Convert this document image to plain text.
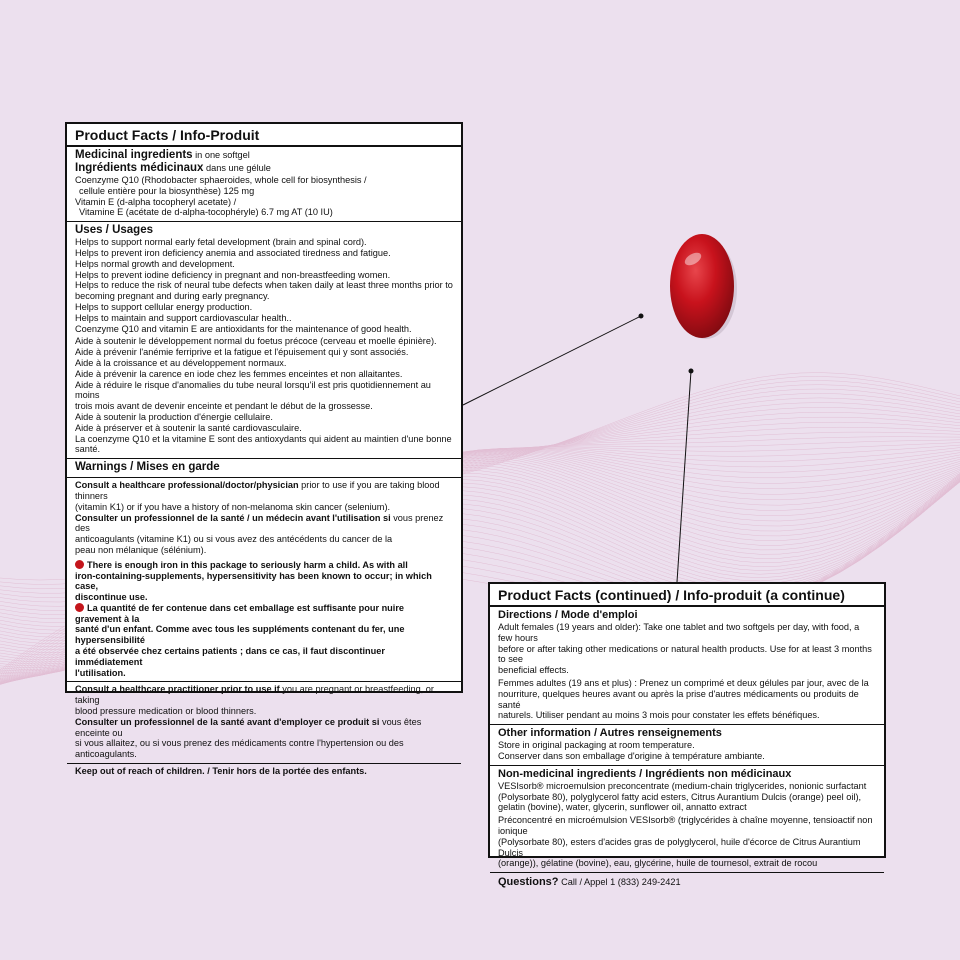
Product Facts / Info-Produit
Medicinal ingredients in one softgel
Ingrédients médicinaux dans une gélule
Coenzyme Q10 (Rhodobacter sphaeroides, whole cell for biosynthesis /
cellule entière pour la biosynthèse) 125 mg
Vitamin E (d-alpha tocopheryl acetate) /
Vitamine E (acétate de d-alpha-tocophéryle) 6.7 mg AT (10 IU)
Uses / Usages
Helps to support normal early fetal development (brain and spinal cord).
Helps to prevent iron deficiency anemia and associated tiredness and fatigue.
Helps normal growth and development.
Helps to prevent iodine deficiency in pregnant and non-breastfeeding women.
Helps to reduce the risk of neural tube defects when taken daily at least three months prior to
becoming pregnant and during early pregnancy.
Helps to support cellular energy production.
Helps to maintain and support cardiovascular health..
Coenzyme Q10 and vitamin E are antioxidants for the maintenance of good health.
Aide à soutenir le développement normal du foetus précoce (cerveau et moelle épinière).
Aide à prévenir l'anémie ferriprive et la fatigue et l'épuisement qui y sont associés.
Aide à la croissance et au développement normaux.
Aide à prévenir la carence en iode chez les femmes enceintes et non allaitantes.
Aide à réduire le risque d'anomalies du tube neural lorsqu'il est pris quotidiennement au moins
trois mois avant de devenir enceinte et pendant le début de la grossesse.
Aide à soutenir la production d'énergie cellulaire.
Aide à préserver et à soutenir la santé cardiovasculaire.
La coenzyme Q10 et la vitamine E sont des antioxydants qui aident au maintien d'une bonne santé.
Warnings / Mises en garde
Consult a healthcare professional/doctor/physician prior to use if you are taking blood thinners
(vitamin K1) or if you have a history of non-melanoma skin cancer (selenium).
Consulter un professionnel de la santé / un médecin avant l'utilisation si vous prenez des
anticoagulants (vitamine K1) ou si vous avez des antécédents du cancer de la
peau non mélanique (sélénium).
There is enough iron in this package to seriously harm a child. As with all
iron-containing-supplements, hypersensitivity has been known to occur; in which case,
discontinue use.
La quantité de fer contenue dans cet emballage est suffisante pour nuire gravement à la
santé d'un enfant. Comme avec tous les suppléments contenant du fer, une hypersensibilité
a été observée chez certains patients ; dans ce cas, il faut discontinuer immédiatement
l'utilisation.
Consult a healthcare practitioner prior to use if you are pregnant or breastfeeding, or taking
blood pressure medication or blood thinners.
Consulter un professionnel de la santé avant d'employer ce produit si vous êtes enceinte ou
si vous allaitez, ou si vous prenez des médicaments contre l'hypertension ou des anticoagulants.
Keep out of reach of children. / Tenir hors de la portée des enfants.
Product Facts (continued) / Info-produit (a continue)
Directions / Mode d'emploi
Adult females (19 years and older): Take one tablet and two softgels per day, with food, a few hours
before or after taking other medications or natural health products. Use for at least 3 months to see
beneficial effects.
Femmes adultes (19 ans et plus) : Prenez un comprimé et deux gélules par jour, avec de la
nourriture, quelques heures avant ou après la prise d'autres médicaments ou produits de santé
naturels. Utiliser pendant au moins 3 mois pour constater les effets bénéfiques.
Other information / Autres renseignements
Store in original packaging at room temperature.
Conserver dans son emballage d'origine à température ambiante.
Non-medicinal ingredients / Ingrédients non médicinaux
VESIsorb® microemulsion preconcentrate (medium-chain triglycerides, nonionic surfactant
(Polysorbate 80), polyglycerol fatty acid esters, Citrus Aurantium Dulcis (orange) peel oil),
gelatin (bovine), water, glycerin, sunflower oil, annatto extract
Préconcentré en microémulsion VESIsorb® (triglycérides à chaîne moyenne, tensioactif non ionique
(Polysorbate 80), esters d'acides gras de polyglycerol, huile d'écorce de Citrus Aurantium Dulcis
(orange)), gélatine (bovine), eau, glycérine, huile de tournesol, extrait de rocou
Questions? Call / Appel 1 (833) 249-2421
